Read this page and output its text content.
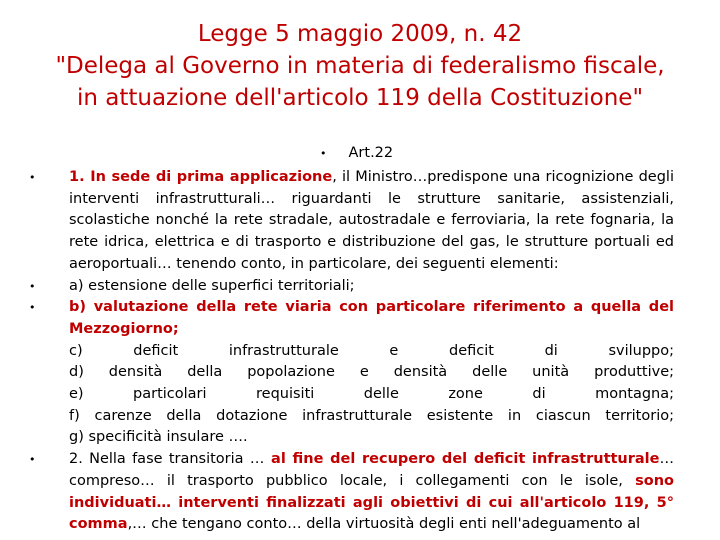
Legge 5 maggio 2009, n. 42
"Delega al Governo in materia di federalismo fiscale,
in attuazione dell'articolo 119 della Costituzione"
• Art.22
• 1. In sede di prima applicazione, il Ministro…predispone una ricognizione degli interventi infrastrutturali… riguardanti le strutture sanitarie, assistenziali, scolastiche nonché la rete stradale, autostradale e ferroviaria, la rete fognaria, la rete idrica, elettrica e di trasporto e distribuzione del gas, le strutture portuali ed aeroportuali… tenendo conto, in particolare, dei seguenti elementi:
• a) estensione delle superfici territoriali;
• b) valutazione della rete viaria con particolare riferimento a quella del Mezzogiorno;
c) deficit infrastrutturale e deficit di sviluppo;
d) densità della popolazione e densità delle unità produttive;
e) particolari requisiti delle zone di montagna;
f) carenze della dotazione infrastrutturale esistente in ciascun territorio;
g) specificità insulare ….
• 2. Nella fase transitoria … al fine del recupero del deficit infrastrutturale…compreso… il trasporto pubblico locale, i collegamenti con le isole, sono individuati… interventi finalizzati agli obiettivi di cui all'articolo 119, 5° comma,… che tengano conto… della virtuosità degli enti nell'adeguamento al
